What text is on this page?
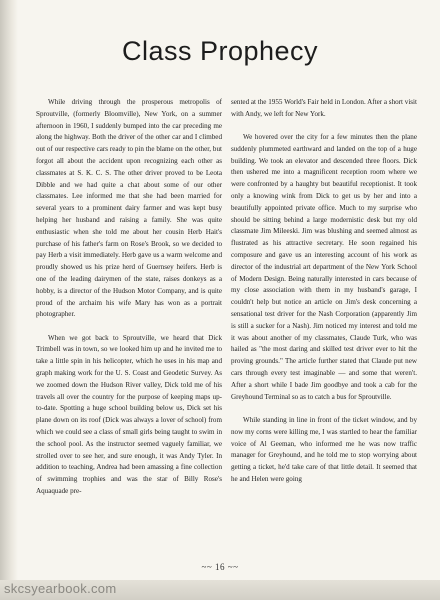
Class Prophecy

While driving through the prosperous metropolis of Sproutville, (formerly Bloomville), New York, on a summer afternoon in 1960, I suddenly bumped into the car preceding me along the highway. Both the driver of the other car and I climbed out of our respective cars ready to pin the blame on the other, but forgot all about the accident upon recognizing each other as classmates at S. K. C. S. The other driver proved to be Leota Dibble and we had quite a chat about some of our other classmates. Lee informed me that she had been married for several years to a prominent dairy farmer and was kept busy helping her husband and raising a family. She was quite enthusiastic when she told me about her cousin Herb Hait's purchase of his father's farm on Rose's Brook, so we decided to pay Herb a visit immediately. Herb gave us a warm welcome and proudly showed us his prize herd of Guernsey heifers. Herb is one of the leading dairymen of the state, raises donkeys as a hobby, is a director of the Hudson Motor Company, and is quite proud of the archaim his wife Mary has won as a portrait photographer.

When we got back to Sproutville, we heard that Dick Trimbell was in town, so we looked him up and he invited me to take a little spin in his helicopter, which he uses in his map and graph making work for the U. S. Coast and Geodetic Survey. As we zoomed down the Hudson River valley, Dick told me of his travels all over the country for the purpose of keeping maps up-to-date. Spotting a huge school building below us, Dick set his plane down on its roof (Dick was always a lover of school) from which we could see a class of small girls being taught to swim in the school pool. As the instructor seemed vaguely familiar, we strolled over to see her, and sure enough, it was Andy Tyler. In addition to teaching, Andrea had been amassing a fine collection of swimming trophies and was the star of Billy Rose's Aquaquade pre-

sented at the 1955 World's Fair held in London. After a short visit with Andy, we left for New York.

We hovered over the city for a few minutes then the plane suddenly plummeted earthward and landed on the top of a huge building. We took an elevator and descended three floors. Dick then ushered me into a magnificent reception room where we were confronted by a haughty but beautiful receptionist. It took only a knowing wink from Dick to get us by her and into a beautifully appointed private office. Much to my surprise who should be sitting behind a large modernistic desk but my old classmate Jim Mileeski. Jim was blushing and seemed almost as flustrated as his attractive secretary. He soon regained his composure and gave us an interesting account of his work as director of the industrial art department of the New York School of Modern Design. Being naturally interested in cars because of my close association with them in my husband's garage, I couldn't help but notice an article on Jim's desk concerning a sensational test driver for the Nash Corporation (apparently Jim is still a sucker for a Nash). Jim noticed my interest and told me it was about another of my classmates, Claude Turk, who was hailed as "the most daring and skilled test driver ever to hit the proving grounds." The article further stated that Claude put new cars through every test imaginable — and some that weren't. After a short while I bade Jim goodbye and took a cab for the Greyhound Terminal so as to catch a bus for Sproutville.

While standing in line in front of the ticket window, and by now my corns were killing me, I was startled to hear the familiar voice of Al Geeman, who informed me he was now traffic manager for Greyhound, and he told me to stop worrying about getting a ticket, he'd take care of that little detail. It seemed that he and Helen were going

~~ 16 ~~
skcsyearbook.com
